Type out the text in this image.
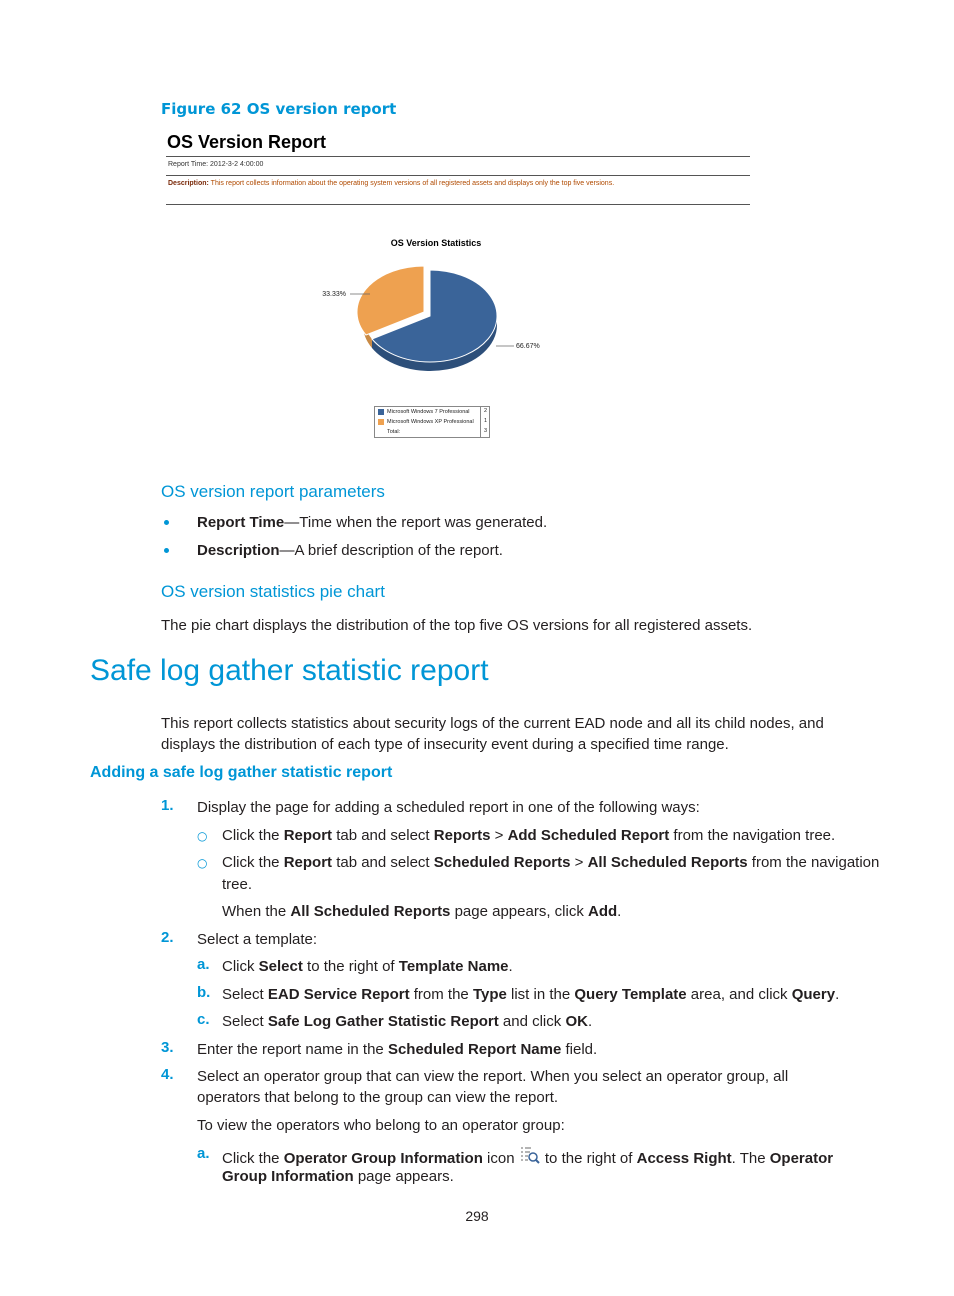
Figure 62 OS version report
OS Version Report
Report Time: 2012-3-2 4:00:00
Description: This report collects information about the operating system versions of all registered assets and displays only the top five versions.
OS Version Statistics
66.67%
33.33%
Microsoft Windows 7 Professional	2
Microsoft Windows XP Professional 1
Total:	3
OS version report parameters
Report Time—Time when the report was generated.
Description—A brief description of the report.
OS version statistics pie chart
The pie chart displays the distribution of the top five OS versions for all registered assets.
Safe log gather statistic report
This report collects statistics about security logs of the current EAD node and all its child nodes, and
displays the distribution of each type of insecurity event during a specified time range.
Adding a safe log gather statistic report
1. Display the page for adding a scheduled report in one of the following ways:
○ Click the Report tab and select Reports > Add Scheduled Report from the navigation tree.
○ Click the Report tab and select Scheduled Reports > All Scheduled Reports from the navigation
tree.
When the All Scheduled Reports page appears, click Add.
2. Select a template:
a. Click Select to the right of Template Name.
b. Select EAD Service Report from the Type list in the Query Template area, and click Query.
c. Select Safe Log Gather Statistic Report and click OK.
3. Enter the report name in the Scheduled Report Name field.
4. Select an operator group that can view the report. When you select an operator group, all
operators that belong to the group can view the report.
To view the operators who belong to an operator group:
a. Click the Operator Group Information icon  to the right of Access Right. The Operator
Group Information page appears.
298
